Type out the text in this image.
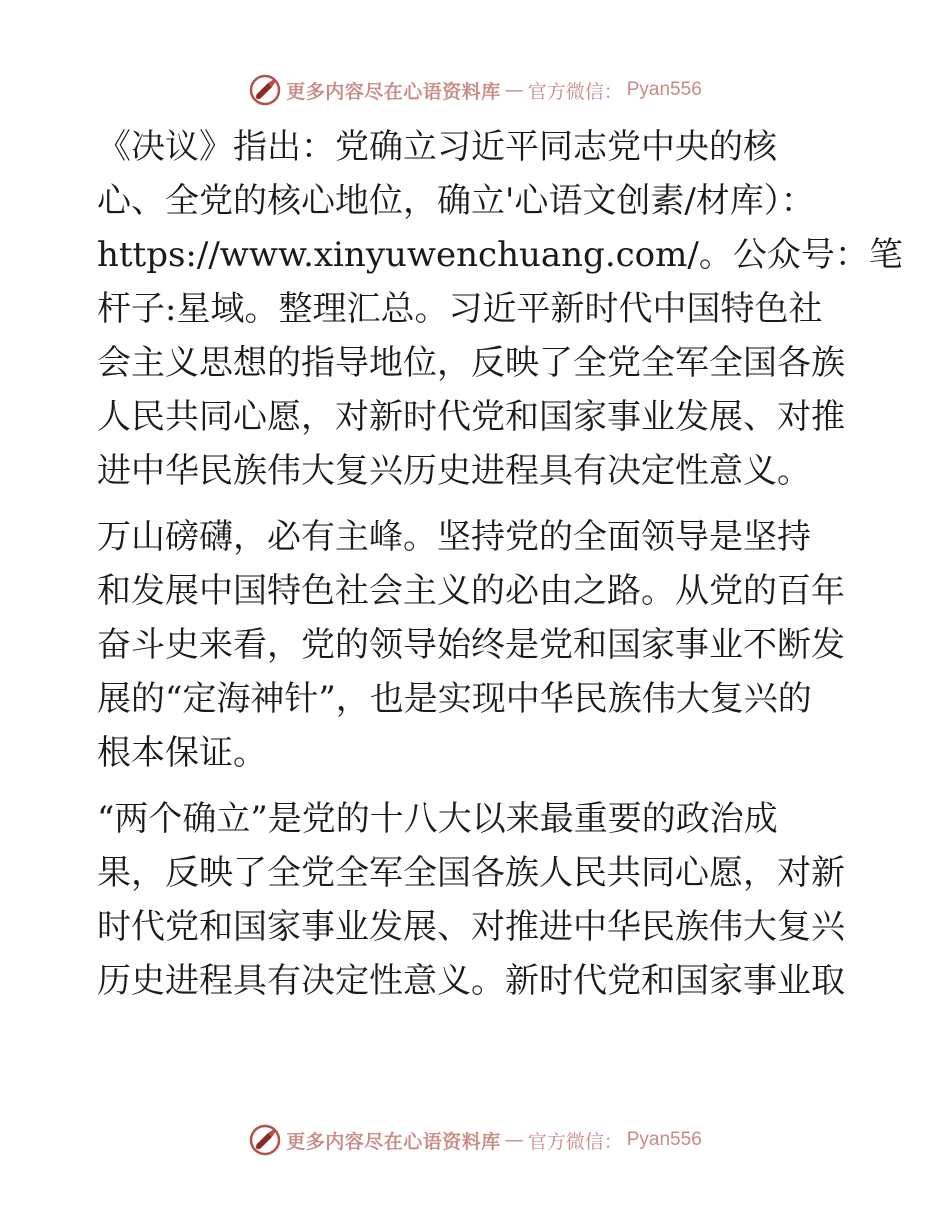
更多内容尽在心语资料库 — 官方微信： Pyan556

《决议》指出：党确立习近平同志党中央的核
心、全党的核心地位，确立'心语文创素/材库）：
https://www.xinyuwenchuang.com/。公众号：笔
杆子:星域。整理汇总。习近平新时代中国特色社
会主义思想的指导地位，反映了全党全军全国各族
人民共同心愿，对新时代党和国家事业发展、对推
进中华民族伟大复兴历史进程具有决定性意义。

万山磅礴，必有主峰。坚持党的全面领导是坚持
和发展中国特色社会主义的必由之路。从党的百年
奋斗史来看，党的领导始终是党和国家事业不断发
展的“定海神针”，也是实现中华民族伟大复兴的
根本保证。

“两个确立”是党的十八大以来最重要的政治成
果，反映了全党全军全国各族人民共同心愿，对新
时代党和国家事业发展、对推进中华民族伟大复兴
历史进程具有决定性意义。新时代党和国家事业取

更多内容尽在心语资料库 — 官方微信： Pyan556
